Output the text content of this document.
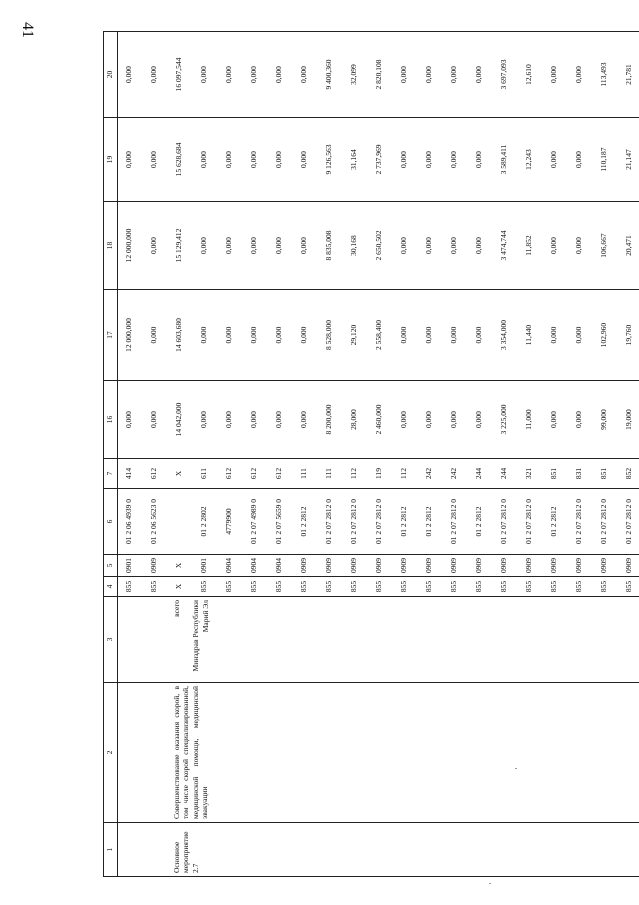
41
1	2	3	4	5	6	7	16	17	18	19	20

Основное мероприятие 2.7	Совершенствование оказания скорой, в том числе скорой специализированной, медицинской помощи, медицинской эвакуации	всего Минздрав Республики Марий Эл	855	0901	01 2 06 4939 0	414	0,000	12 000,000	12 000,000	0,000	0,000
			855	0909	01 2 06 5623 0	612	0,000	0,000	0,000	0,000	0,000
			Х	Х		Х	14 042,000	14 603,680	15 129,412	15 628,684	16 097,544
			855	0901	01 2 2802	611	0,000	0,000	0,000	0,000	0,000
			855	0904	4779900	612	0,000	0,000	0,000	0,000	0,000
			855	0904	01 2 07 4989 0	612	0,000	0,000	0,000	0,000	0,000
			855	0904	01 2 07 5659 0	612	0,000	0,000	0,000	0,000	0,000
			855	0909	01 2 2812	111	0,000	0,000	0,000	0,000	0,000
			855	0909	01 2 07 2812 0	111	8 200,000	8 528,000	8 835,008	9 126,563	9 400,360
			855	0909	01 2 07 2812 0	112	28,000	29,120	30,168	31,164	32,099
			855	0909	01 2 07 2812 0	119	2 460,000	2 558,400	2 650,502	2 737,969	2 820,108
			855	0909	01 2 2812	112	0,000	0,000	0,000	0,000	0,000
			855	0909	01 2 2812	242	0,000	0,000	0,000	0,000	0,000
			855	0909	01 2 07 2812 0	242	0,000	0,000	0,000	0,000	0,000
			855	0909	01 2 2812	244	0,000	0,000	0,000	0,000	0,000
			855	0909	01 2 07 2812 0	244	3 225,000	3 354,000	3 474,744	3 589,411	3 697,093
			855	0909	01 2 07 2812 0	321	11,000	11,440	11,852	12,243	12,610
			855	0909	01 2 2812	851	0,000	0,000	0,000	0,000	0,000
			855	0909	01 2 07 2812 0	831	0,000	0,000	0,000	0,000	0,000
			855	0909	01 2 07 2812 0	851	99,000	102,960	106,667	110,187	113,493
			855	0909	01 2 07 2812 0	852	19,000	19,760	20,471	21,147	21,781
